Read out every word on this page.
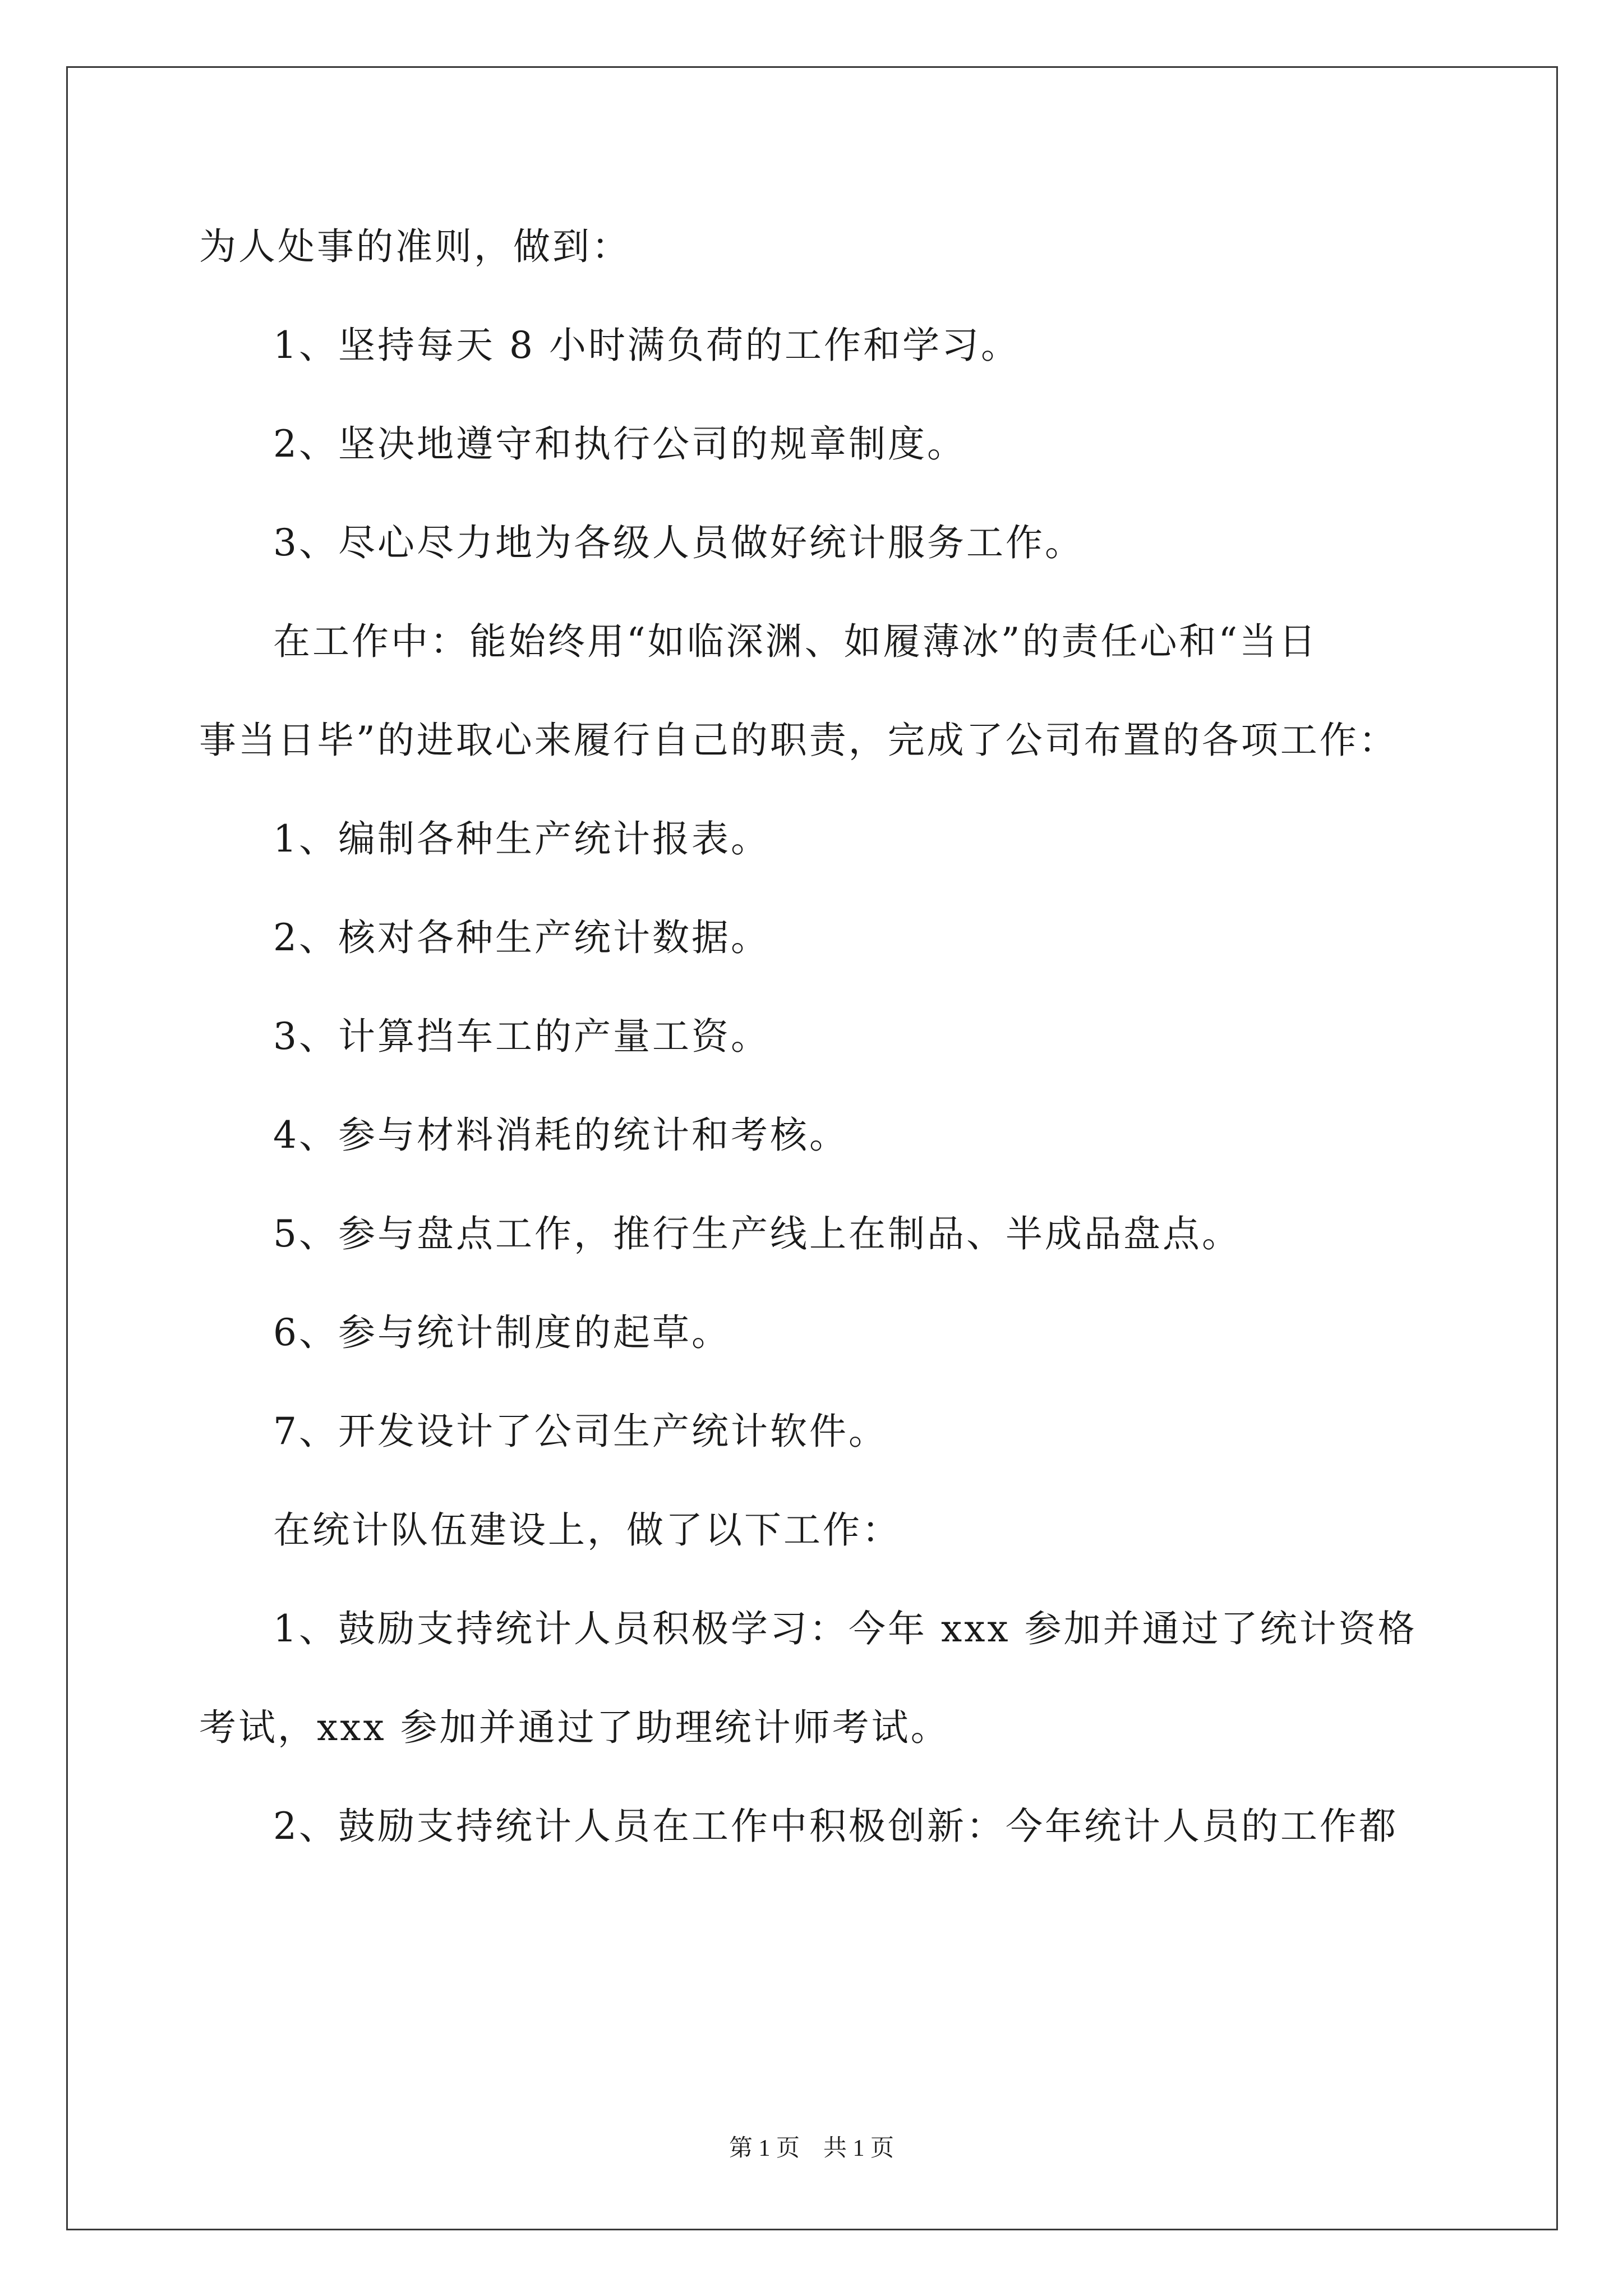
为人处事的准则，做到：
1、坚持每天 8 小时满负荷的工作和学习。
2、坚决地遵守和执行公司的规章制度。
3、尽心尽力地为各级人员做好统计服务工作。
在工作中：能始终用“如临深渊、如履薄冰”的责任心和“当日
事当日毕”的进取心来履行自己的职责，完成了公司布置的各项工作：
1、编制各种生产统计报表。
2、核对各种生产统计数据。
3、计算挡车工的产量工资。
4、参与材料消耗的统计和考核。
5、参与盘点工作，推行生产线上在制品、半成品盘点。
6、参与统计制度的起草。
7、开发设计了公司生产统计软件。
在统计队伍建设上，做了以下工作：
1、鼓励支持统计人员积极学习：今年 xxx 参加并通过了统计资格
考试，xxx 参加并通过了助理统计师考试。
2、鼓励支持统计人员在工作中积极创新：今年统计人员的工作都
第 1 页　共 1 页
